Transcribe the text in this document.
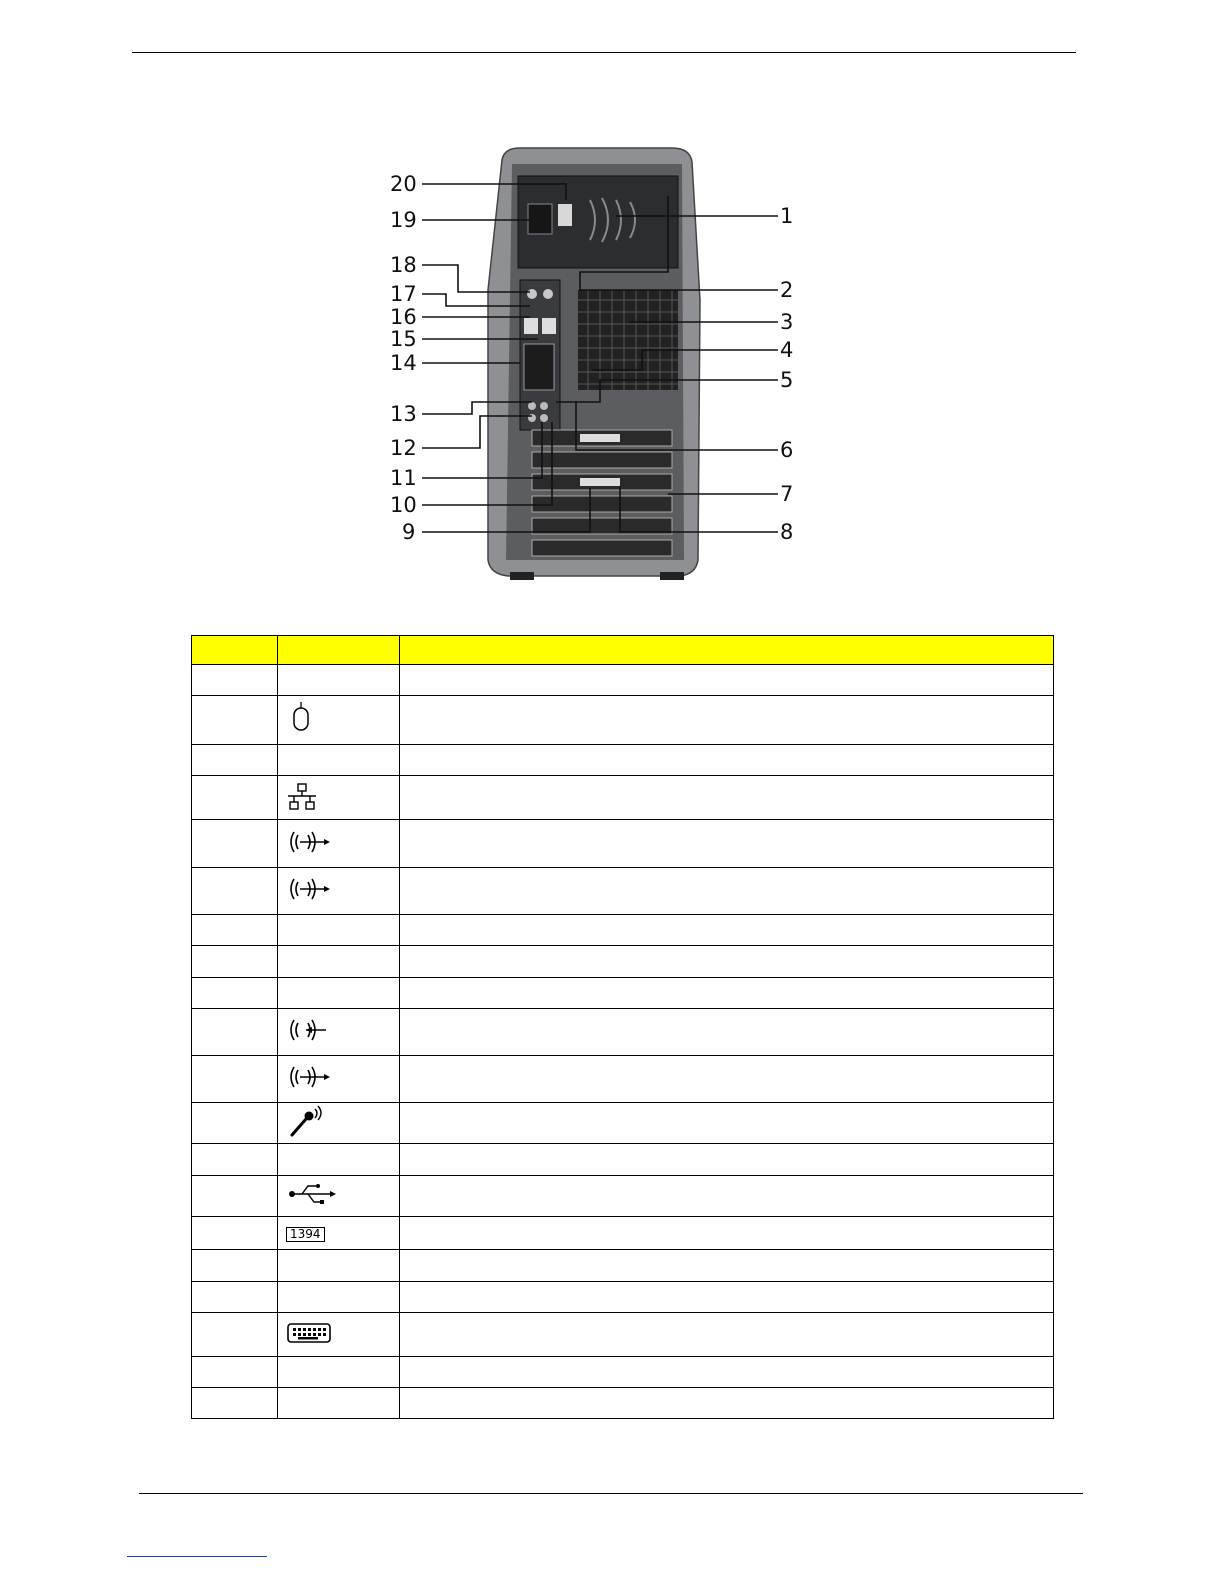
20
19
18
17
16
15
14
13
12
11
10
9
1
2
3
4
5
6
7
8

	1394	
